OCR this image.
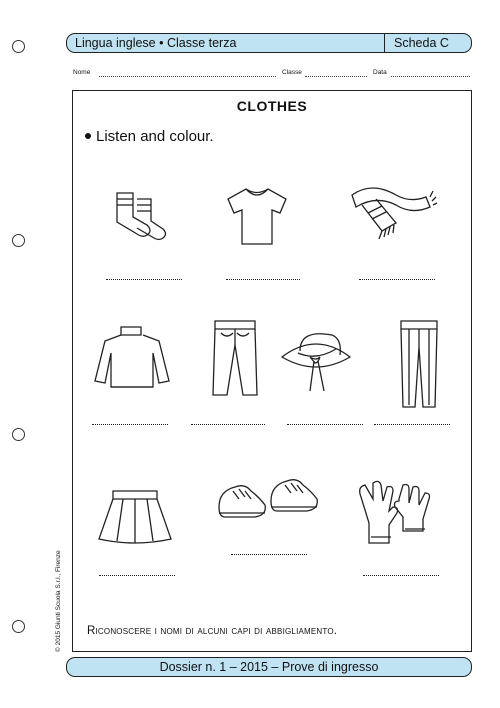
Lingua inglese • Classe terza	Scheda C
Nome	Classe	Data
© 2015 Giunti Scuola S.r.l., Firenze
CLOTHES
Listen and colour.
Riconoscere i nomi di alcuni capi di abbigliamento.
Dossier n. 1 – 2015 – Prove di ingresso
